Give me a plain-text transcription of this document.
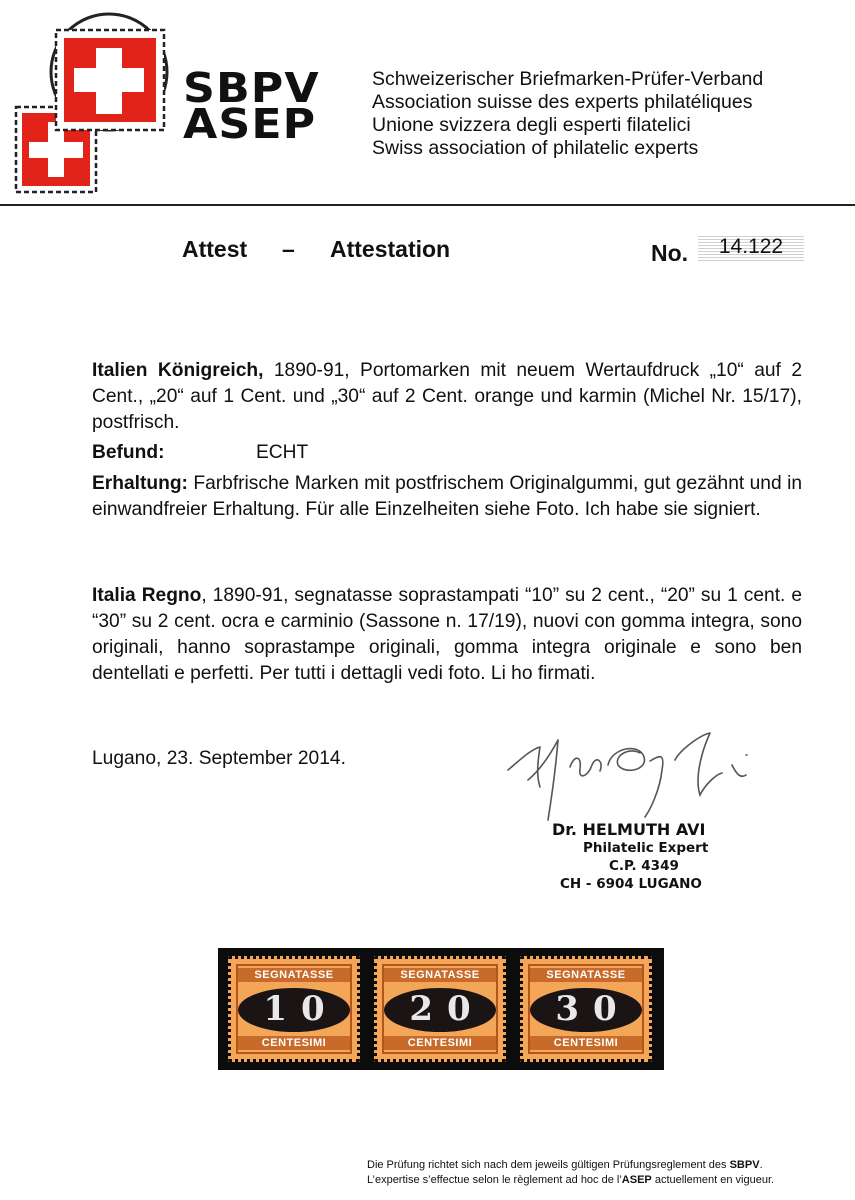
SBPV
ASEP
Schweizerischer Briefmarken-Prüfer-Verband
Association suisse des experts philatéliques
Unione svizzera degli esperti filatelici
Swiss association of philatelic experts
Attest – Attestation	No.	14.122
Italien Königreich, 1890-91, Portomarken mit neuem Wertaufdruck „10“ auf 2 Cent., „20“ auf 1 Cent. und „30“ auf 2 Cent. orange und karmin (Michel Nr. 15/17), postfrisch.
Befund:	ECHT
Erhaltung: Farbfrische Marken mit postfrischem Originalgummi, gut gezähnt und in einwandfreier Erhaltung. Für alle Einzelheiten siehe Foto. Ich habe sie signiert.
Italia Regno, 1890-91, segnatasse soprastampati “10” su 2 cent., “20” su 1 cent. e “30” su 2 cent. ocra e carminio (Sassone n. 17/19), nuovi con gomma integra, sono originali, hanno soprastampe originali, gomma integra originale e sono ben dentellati e perfetti. Per tutti i dettagli vedi foto. Li ho firmati.
Lugano, 23. September 2014.
Dr. HELMUTH AVI
Philatelic Expert
C.P. 4349
CH - 6904 LUGANO
SEGNATASSE
10
CENTESIMI
SEGNATASSE
20
CENTESIMI
SEGNATASSE
30
CENTESIMI
Die Prüfung richtet sich nach dem jeweils gültigen Prüfungsreglement des SBPV.
L’expertise s’effectue selon le règlement ad hoc de l’ASEP actuellement en vigueur.
